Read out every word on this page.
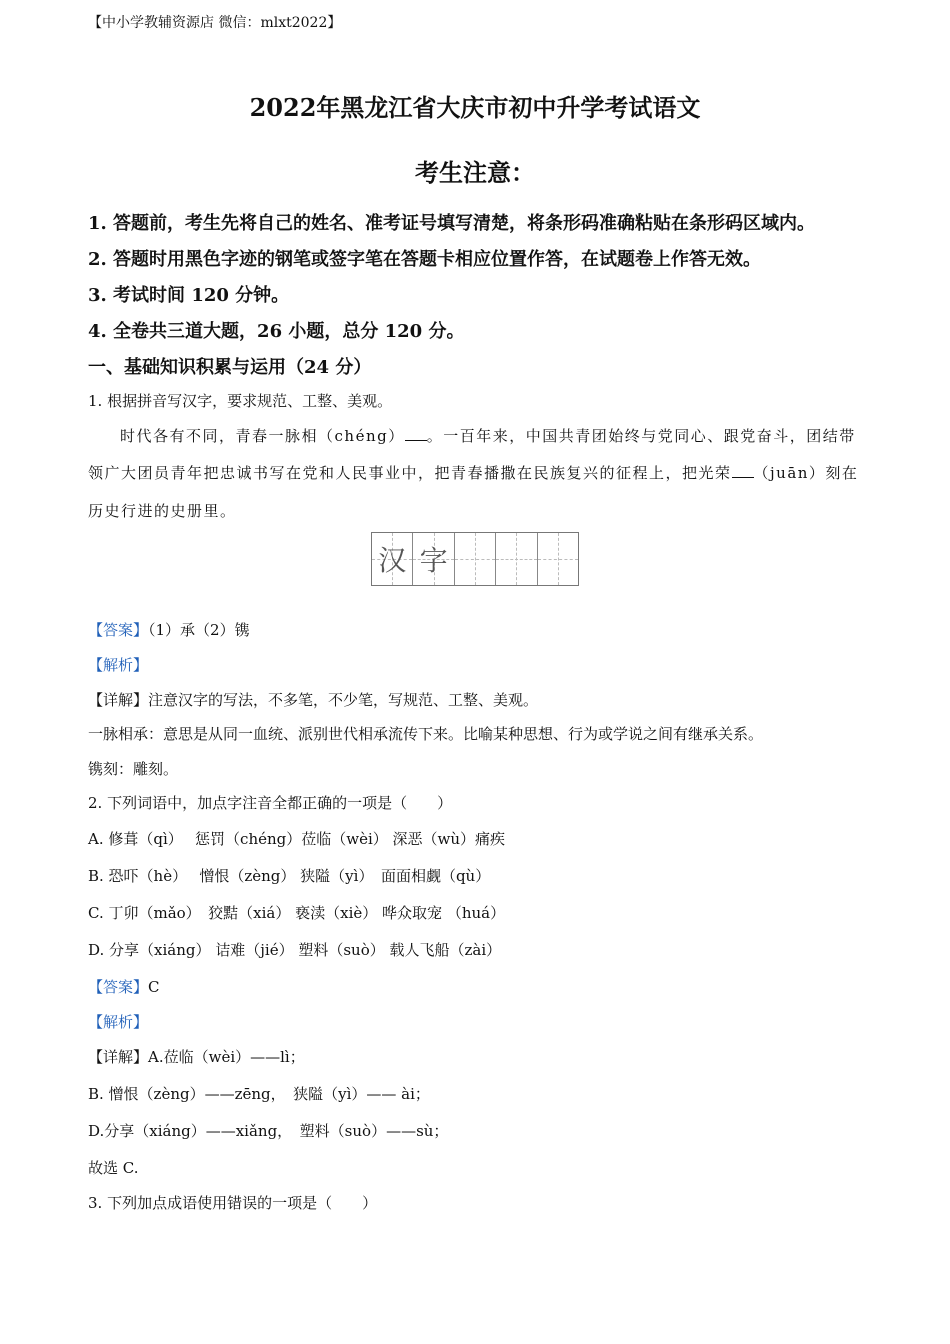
【中小学教辅资源店 微信：mlxt2022】
2022年黑龙江省大庆市初中升学考试语文
考生注意：
1. 答题前，考生先将自己的姓名、准考证号填写清楚，将条形码准确粘贴在条形码区域内。
2. 答题时用黑色字迹的钢笔或签字笔在答题卡相应位置作答，在试题卷上作答无效。
3. 考试时间 120 分钟。
4. 全卷共三道大题，26 小题，总分 120 分。
一、基础知识积累与运用（24 分）
1. 根据拼音写汉字，要求规范、工整、美观。
时代各有不同，青春一脉相（chéng） 。一百年来，中国共青团始终与党同心、跟党奋斗，团结带
领广大团员青年把忠诚书写在党和人民事业中，把青春播撒在民族复兴的征程上，把光荣 （juān）刻在
历史行进的史册里。
汉 字
【答案】（1）承（2）镌
【解析】
【详解】注意汉字的写法，不多笔，不少笔，写规范、工整、美观。
一脉相承：意思是从同一血统、派别世代相承流传下来。比喻某种思想、行为或学说之间有继承关系。
镌刻：雕刻。
2. 下列词语中，加点字注音全都正确的一项是（　　）
A. 修葺（qì）　 惩罚（chéng）莅临（wèi） 深恶（wù）痛疾
B. 恐吓（hè）　 憎恨（zèng） 狭隘（yì）　面面相觑（qù）
C. 丁卯（mǎo）　狡黠（xiá） 亵渎（xiè） 哗众取宠 （huá）
D. 分享（xiáng） 诘难（jié） 塑料（suò） 载人飞船（zài）
【答案】C
【解析】
【详解】A.莅临（wèi）——lì；
B. 憎恨（zèng）——zēng，　狭隘（yì）—— ài；
D.分享（xiáng）——xiǎng，　塑料（suò）——sù；
故选 C.
3. 下列加点成语使用错误的一项是（　　）
